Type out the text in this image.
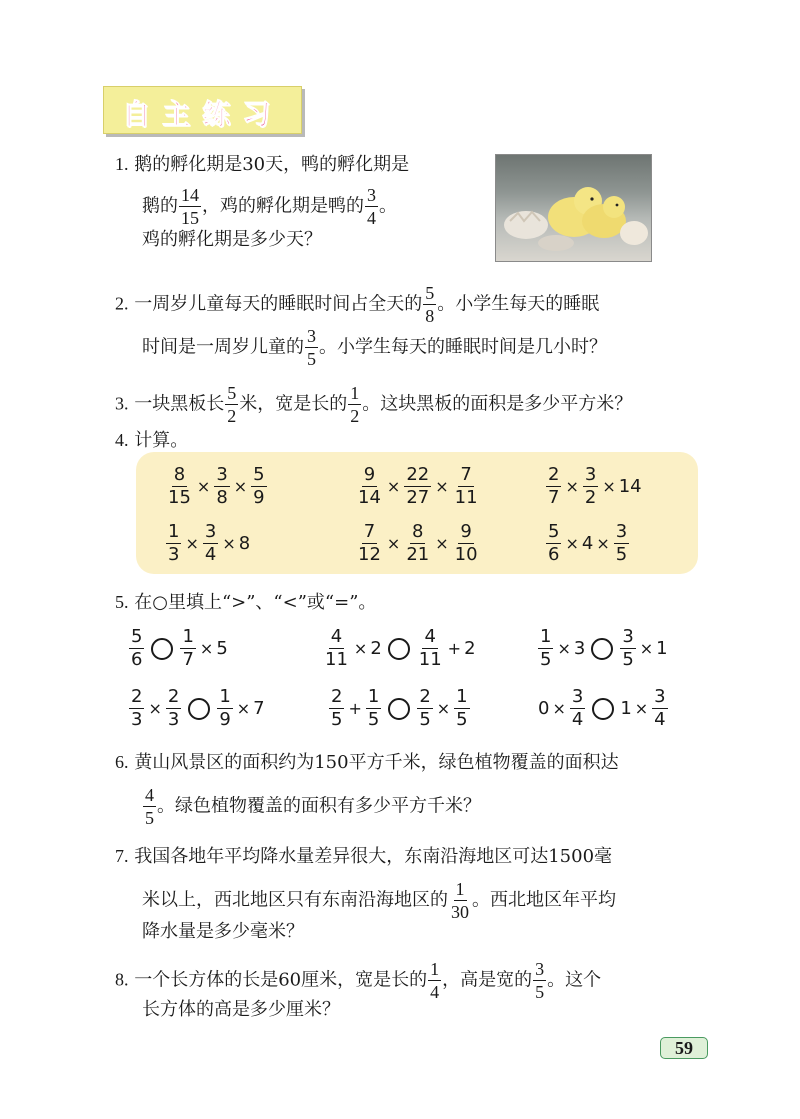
自主练习
1. 鹅的孵化期是30天，鸭的孵化期是
鹅的 $\frac{14}{15}$ ，鸡的孵化期是鸭的 $\frac{3}{4}$ 。
鸡的孵化期是多少天？
2. 一周岁儿童每天的睡眠时间占全天的 $\frac{5}{8}$ 。小学生每天的睡眠
时间是一周岁儿童的 $\frac{3}{5}$ 。小学生每天的睡眠时间是几小时？
3. 一块黑板长 $\frac{5}{2}$ 米，宽是长的 $\frac{1}{2}$ 。这块黑板的面积是多少平方米？
4. 计算。
$\frac{8}{15} \times \frac{3}{8} \times \frac{5}{9}$	$\frac{9}{14} \times \frac{22}{27} \times \frac{7}{11}$	$\frac{2}{7} \times \frac{3}{2} \times 14$
$\frac{1}{3} \times \frac{3}{4} \times 8$	$\frac{7}{12} \times \frac{8}{21} \times \frac{9}{10}$	$\frac{5}{6} \times 4 \times \frac{3}{5}$
5. 在○里填上“>”、“<”或“=”。
$\frac{5}{6} \frac{1}{7} \times 5$	$\frac{4}{11} \times 2 \frac{4}{11} + 2$	$\frac{1}{5} \times 3 \frac{3}{5} \times 1$
$\frac{2}{3} \times \frac{2}{3} \frac{1}{9} \times 7$	$\frac{2}{5} + \frac{1}{5} \frac{2}{5} \times \frac{1}{5}$	$0 \times \frac{3}{4} 1 \times \frac{3}{4}$
6. 黄山风景区的面积约为150平方千米，绿色植物覆盖的面积达
$\frac{4}{5}$ 。绿色植物覆盖的面积有多少平方千米？
7. 我国各地年平均降水量差异很大，东南沿海地区可达1500毫
米以上，西北地区只有东南沿海地区的 $\frac{1}{30}$ 。西北地区年平均
降水量是多少毫米？
8. 一个长方体的长是60厘米，宽是长的 $\frac{1}{4}$ ，高是宽的 $\frac{3}{5}$ 。这个
长方体的高是多少厘米？
59
